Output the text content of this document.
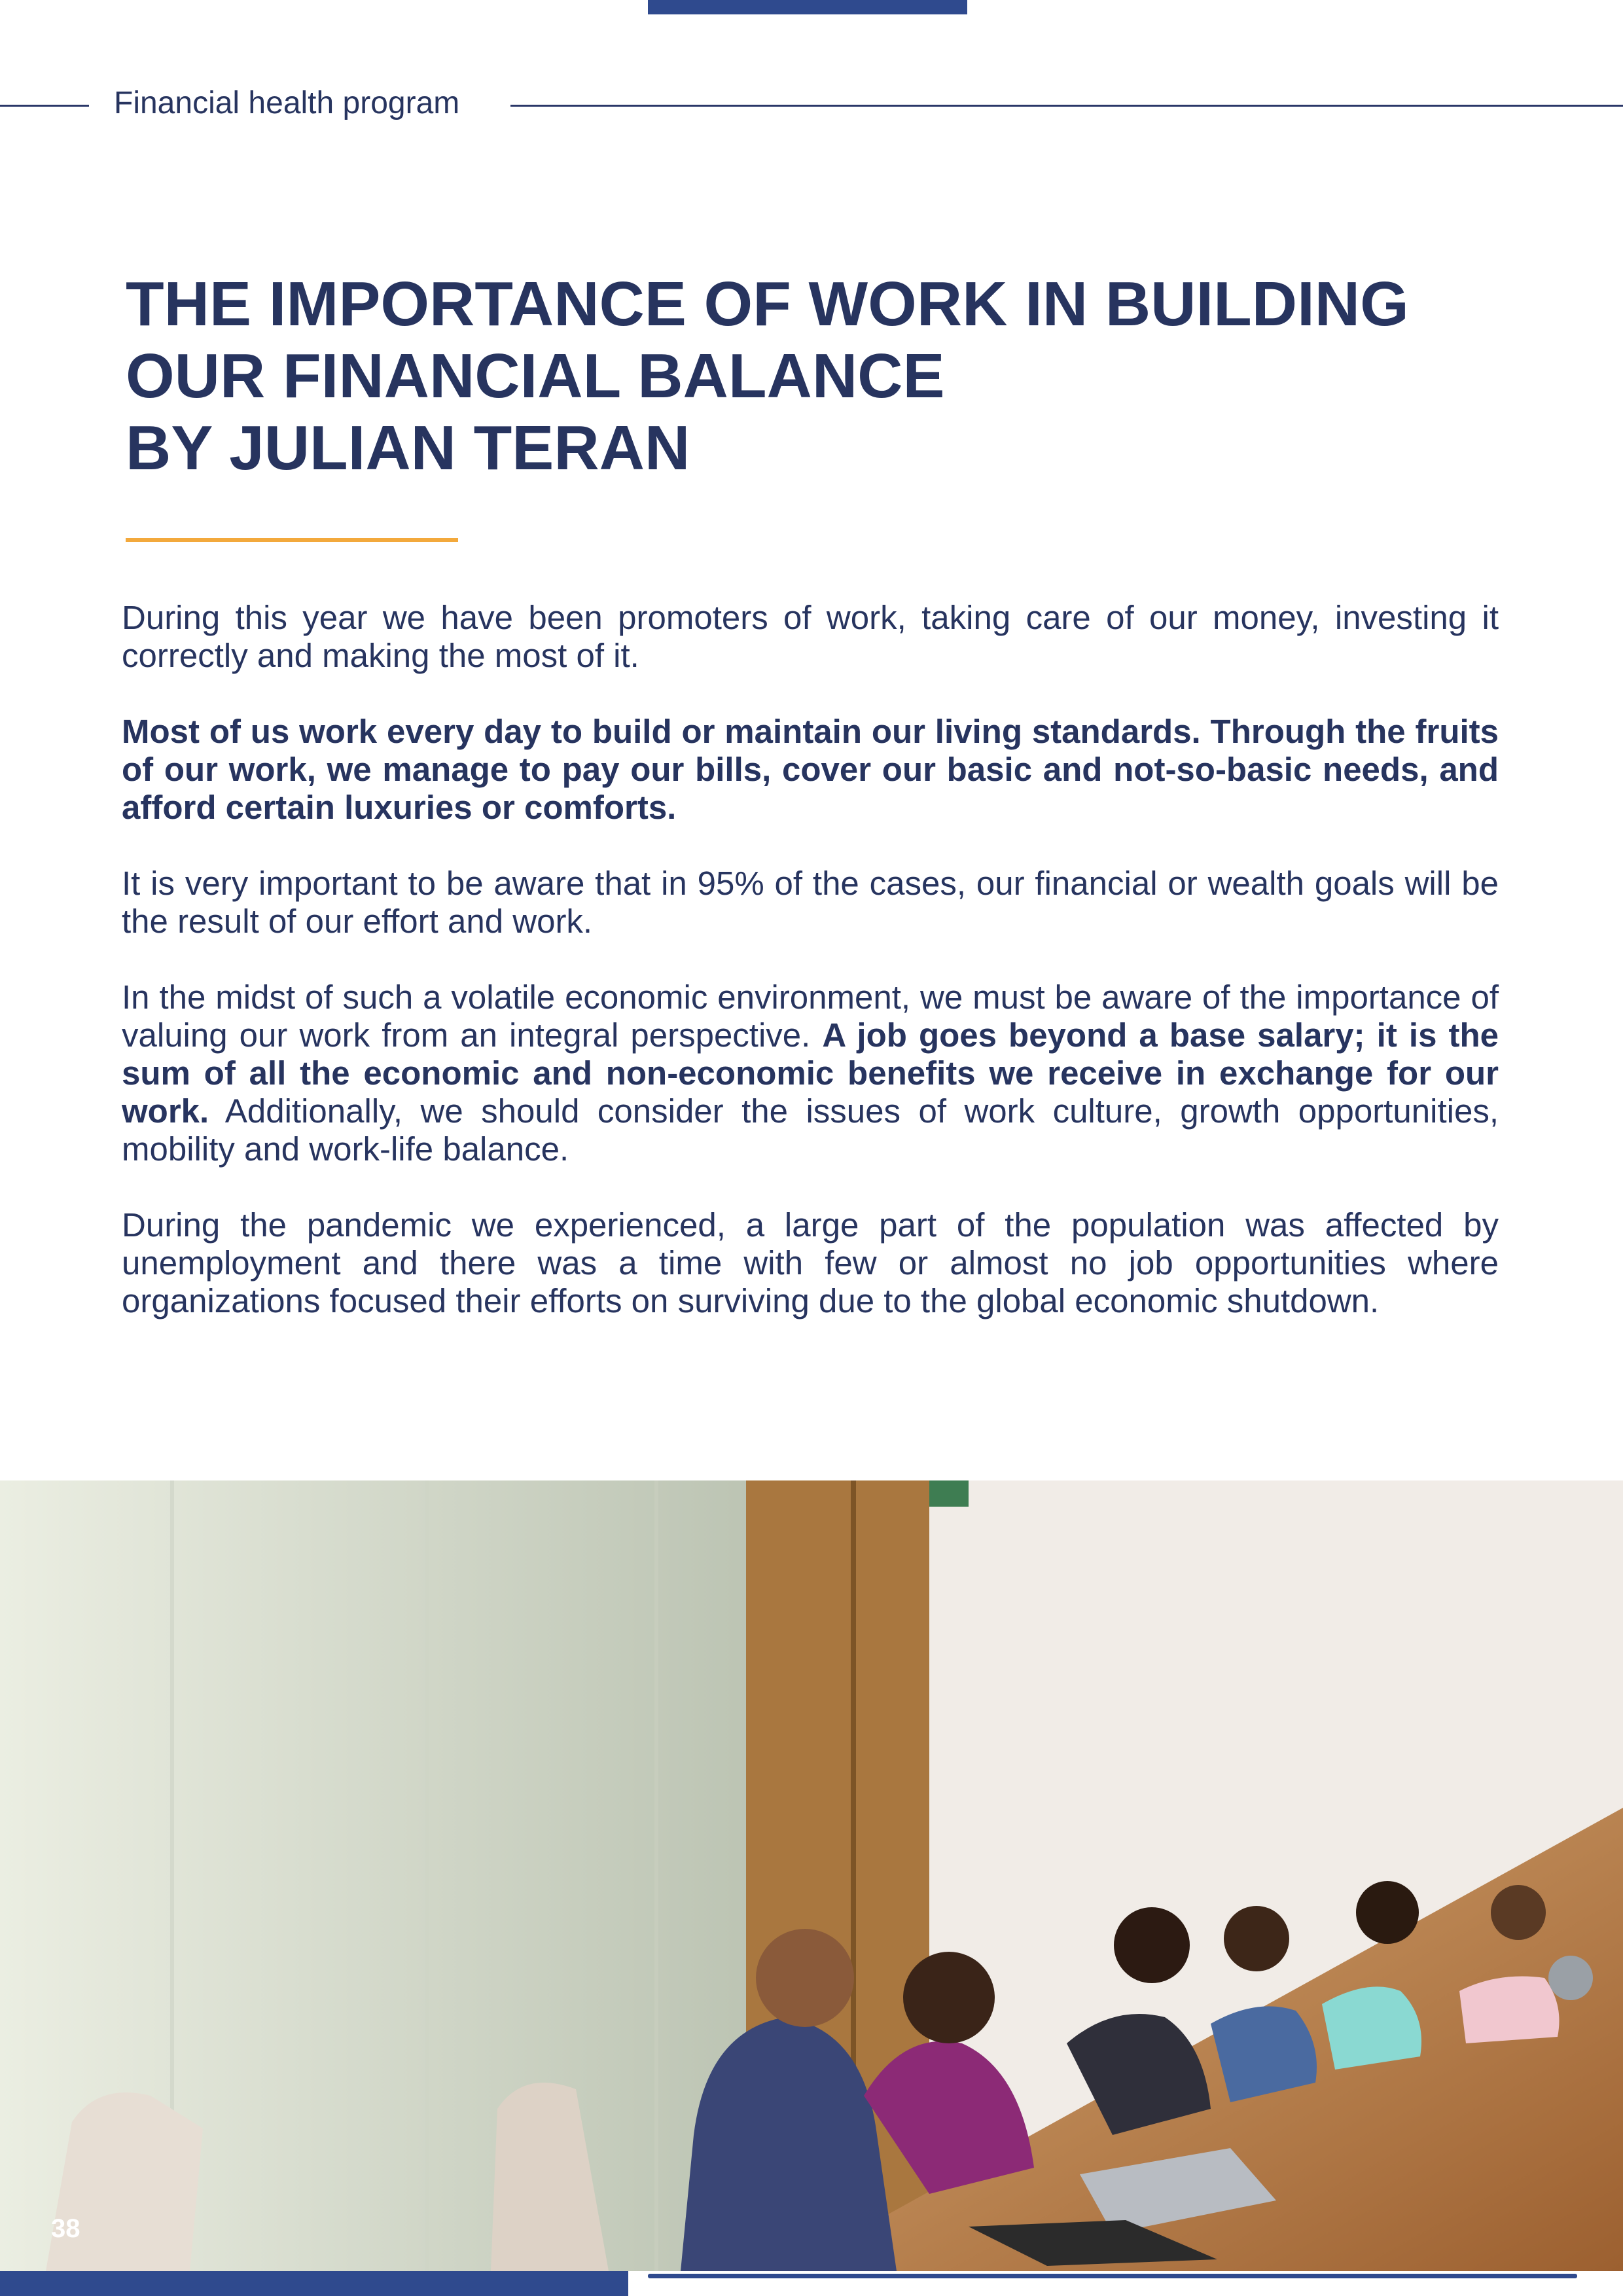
Financial health program
THE IMPORTANCE OF WORK IN BUILDING
OUR FINANCIAL BALANCE
BY JULIAN TERAN

During this year we have been promoters of work, taking care of our money, investing it correctly and making the most of it.

Most of us work every day to build or maintain our living standards. Through the fruits of our work, we manage to pay our bills, cover our basic and not-so-basic needs, and afford certain luxuries or comforts.

It is very important to be aware that in 95% of the cases, our financial or wealth goals will be the result of our effort and work.

In the midst of such a volatile economic environment, we must be aware of the importance of valuing our work from an integral perspective. A job goes beyond a base salary; it is the sum of all the economic and non-economic benefits we receive in exchange for our work. Additionally, we should consider the issues of work culture, growth opportunities, mobility and work-life balance.

During the pandemic we experienced, a large part of the population was affected by unemployment and there was a time with few or almost no job opportunities where organizations focused their efforts on surviving due to the global economic shutdown.

38
